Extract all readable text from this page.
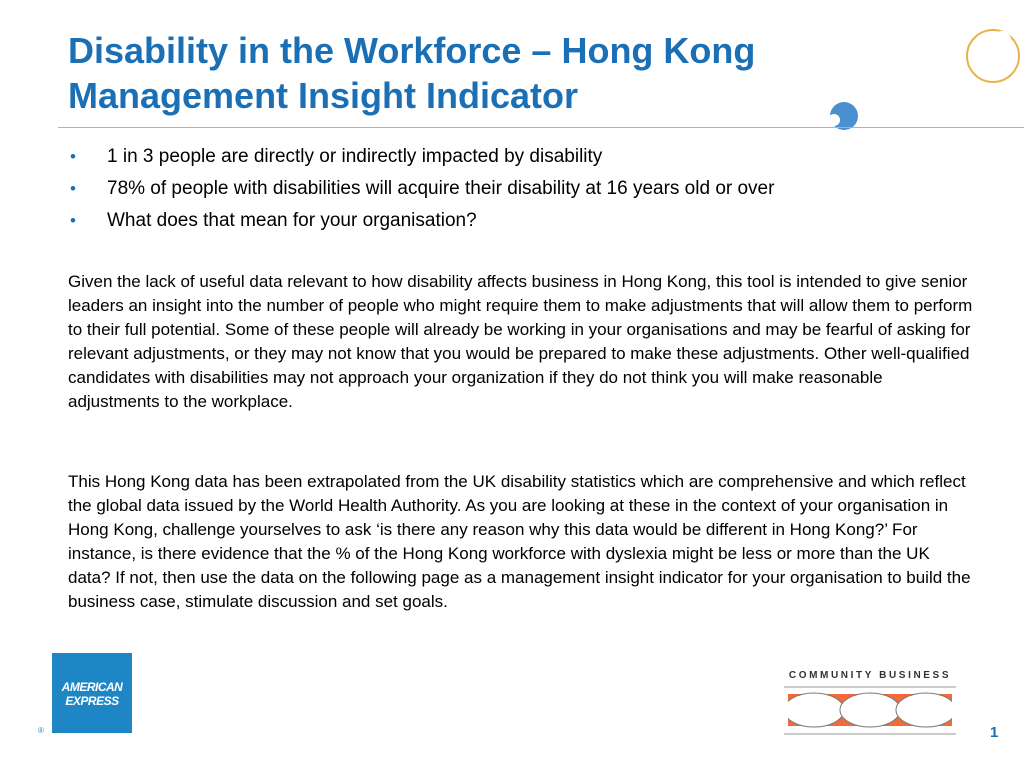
Disability in the Workforce – Hong Kong
Management Insight Indicator
• 1 in 3 people are directly or indirectly impacted by disability
• 78% of people with disabilities will acquire their disability at 16 years old or over
• What does that mean for your organisation?

Given the lack of useful data relevant to how disability affects business in Hong Kong, this tool is intended to give senior leaders an insight into the number of people who might require them to make adjustments that will allow them to perform to their full potential. Some of these people will already be working in your organisations and may be fearful of asking for relevant adjustments, or they may not know that you would be prepared to make these adjustments. Other well-qualified candidates with disabilities may not approach your organization if they do not think you will make reasonable adjustments to the workplace.

This Hong Kong data has been extrapolated from the UK disability statistics which are comprehensive and which reflect the global data issued by the World Health Authority. As you are looking at these in the context of your organisation in Hong Kong, challenge yourselves to ask ‘is there any reason why this data would be different in Hong Kong?’ For instance, is there evidence that the % of the Hong Kong workforce with dyslexia might be less or more than the UK data? If not, then use the data on the following page as a management insight indicator for your organisation to build the business case, stimulate discussion and set goals.

AMERICAN
EXPRESS
®
COMMUNITY BUSINESS
1
